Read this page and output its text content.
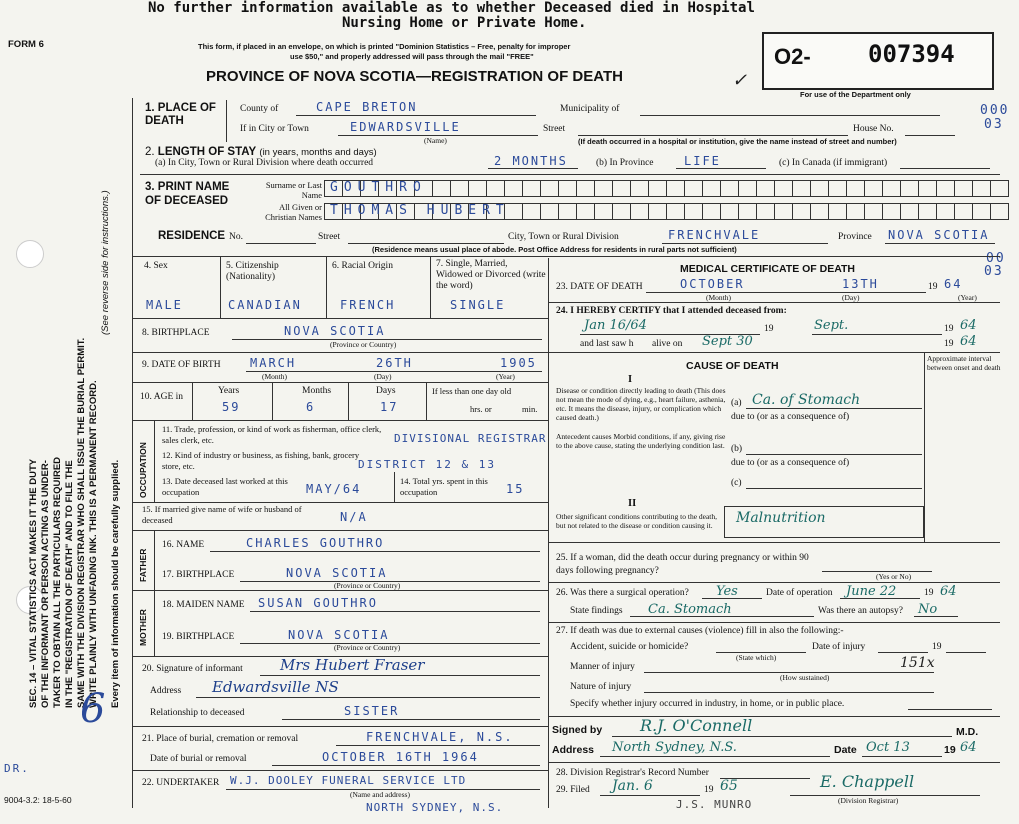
No further information available as to whether Deceased died in Hospital
Nursing Home or Private Home.
FORM 6	This form, if placed in an envelope, on which is printed "Dominion Statistics – Free, penalty for improper
use $50," and properly addressed will pass through the mail "FREE"
PROVINCE OF NOVA SCOTIA—REGISTRATION OF DEATH
O2- 007394
For use of the Department only
✓
000
03
00
03
SEC. 14 – VITAL STATISTICS ACT MAKES IT THE DUTY OF THE INFORMANT OR PERSON ACTING AS UNDER- TAKER TO OBTAIN ALL THE PARTICULARS REQUIRED IN THE "REGISTRATION OF DEATH" AND TO FILE THE SAME WITH THE DIVISION REGISTRAR WHO SHALL ISSUE THE BURIAL PERMIT. WRITE PLAINLY WITH UNFADING INK. THIS IS A PERMANENT RECORD.
(See reverse side for instructions.)
Every item of information should be carefully supplied.
1. PLACE OF DEATH
County of	CAPE BRETON	Municipality of
If in City or Town	EDWARDSVILLE
(Name)
Street	House No.
(If death occurred in a hospital or institution, give the name instead of street and number)
2. LENGTH OF STAY (in years, months and days)
(a) In City, Town or Rural Division where death occurred	2 MONTHS	(b) In Province	LIFE	(c) In Canada (if immigrant)
3. PRINT NAME OF DECEASED
Surname or Last Name GOUTHRO
All Given or Christian Names THOMAS HUBERT
RESIDENCE No.	Street	City, Town or Rural Division	FRENCHVALE	Province NOVA SCOTIA
(Residence means usual place of abode. Post Office Address for residents in rural parts not sufficient)
4. Sex
MALE
5. Citizenship (Nationality)
CANADIAN
6. Racial Origin
FRENCH
7. Single, Married, Widowed or Divorced (write the word)
SINGLE
8. BIRTHPLACE	NOVA SCOTIA
(Province or Country)
9. DATE OF BIRTH MARCH	26TH	1905
(Month)	(Day)	(Year)
10. AGE in
Years
59
Months
6
Days
17
If less than one day old
hrs. or	min.
OCCUPATION
11. Trade, profession, or kind of work as fisherman, office clerk, sales clerk, etc.	DIVISIONAL REGISTRAR
12. Kind of industry or business, as fishing, bank, grocery store, etc.	DISTRICT 12 & 13
13. Date deceased last worked at this occupation	MAY/64
14. Total yrs. spent in this occupation	15
15. If married give name of wife or husband of deceased	N/A
FATHER
16. NAME	CHARLES GOUTHRO
17. BIRTHPLACE	NOVA SCOTIA
(Province or Country)
MOTHER
18. MAIDEN NAME SUSAN GOUTHRO
19. BIRTHPLACE	NOVA SCOTIA
(Province or Country)
20. Signature of informant Mrs Hubert Fraser
Address Edwardsville NS
Relationship to deceased	SISTER
21. Place of burial, cremation or removal	FRENCHVALE, N.S.
Date of burial or removal	OCTOBER 16TH 1964
22. UNDERTAKER W.J. DOOLEY FUNERAL SERVICE LTD
(Name and address)
NORTH SYDNEY, N.S.
9004-3.2: 18-5-60
DR.
6
MEDICAL CERTIFICATE OF DEATH
23. DATE OF DEATH	OCTOBER	13TH	19 64
(Month)	(Day)	(Year)
24. I HEREBY CERTIFY that I attended deceased from:
Jan 16/64	19	Sept.	19 64
and last saw h alive on Sept 30	19 64
CAUSE OF DEATH
Approximate interval between onset and death
I
Disease or condition directly leading to death (This does not mean the mode of dying, e.g., heart failure, asthenia, etc. It means the disease, injury, or complication which caused death.)
(a) Ca. of Stomach
due to (or as a consequence of)
Antecedent causes Morbid conditions, if any, giving rise to the above cause, stating the underlying condition last. (b)
due to (or as a consequence of)
(c)
II
Other significant conditions contributing to the death, but not related to the disease or condition causing it.	Malnutrition
25. If a woman, did the death occur during pregnancy or within 90 days following pregnancy?
(Yes or No)
26. Was there a surgical operation? Yes	Date of operation June 22	19 64
State findings Ca. Stomach	Was there an autopsy? No
27. If death was due to external causes (violence) fill in also the following:-
Accident, suicide or homicide?
(State which)
Date of injury	19
Manner of injury	151x
(How sustained)
Nature of injury
Specify whether injury occurred in industry, in home, or in public place.
Signed by R.J. O'Connell	M.D.
Address North Sydney, N.S.	Date Oct 13	19 64
28. Division Registrar's Record Number
29. Filed Jan. 6	19 65	E. Chappell
(Division Registrar)
J.S. MUNRO
